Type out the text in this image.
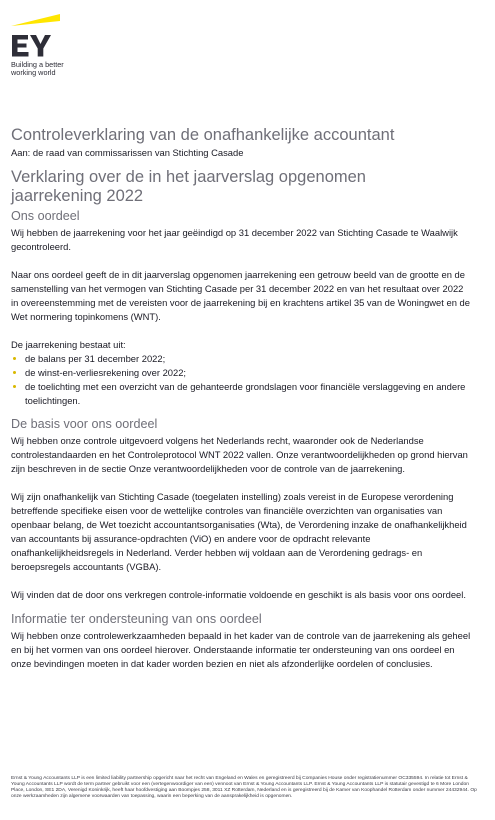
Building a better
working world
Controleverklaring van de onafhankelijke accountant
Aan: de raad van commissarissen van Stichting Casade
Verklaring over de in het jaarverslag opgenomen jaarrekening 2022
Ons oordeel

Wij hebben de jaarrekening voor het jaar geëindigd op 31 december 2022 van Stichting Casade te Waalwijk gecontroleerd.

Naar ons oordeel geeft de in dit jaarverslag opgenomen jaarrekening een getrouw beeld van de grootte en de samenstelling van het vermogen van Stichting Casade per 31 december 2022 en van het resultaat over 2022 in overeenstemming met de vereisten voor de jaarrekening bij en krachtens artikel 35 van de Woningwet en de Wet normering topinkomens (WNT).

De jaarrekening bestaat uit:

de balans per 31 december 2022;
de winst-en-verliesrekening over 2022;
de toelichting met een overzicht van de gehanteerde grondslagen voor financiële verslaggeving en andere toelichtingen.
De basis voor ons oordeel

Wij hebben onze controle uitgevoerd volgens het Nederlands recht, waaronder ook de Nederlandse controlestandaarden en het Controleprotocol WNT 2022 vallen. Onze verantwoordelijkheden op grond hiervan zijn beschreven in de sectie Onze verantwoordelijkheden voor de controle van de jaarrekening.

Wij zijn onafhankelijk van Stichting Casade (toegelaten instelling) zoals vereist in de Europese verordening betreffende specifieke eisen voor de wettelijke controles van financiële overzichten van organisaties van openbaar belang, de Wet toezicht accountantsorganisaties (Wta), de Verordening inzake de onafhankelijkheid van accountants bij assurance-opdrachten (ViO) en andere voor de opdracht relevante onafhankelijkheidsregels in Nederland. Verder hebben wij voldaan aan de Verordening gedrags- en beroepsregels accountants (VGBA).

Wij vinden dat de door ons verkregen controle-informatie voldoende en geschikt is als basis voor ons oordeel.

Informatie ter ondersteuning van ons oordeel

Wij hebben onze controlewerkzaamheden bepaald in het kader van de controle van de jaarrekening als geheel en bij het vormen van ons oordeel hierover. Onderstaande informatie ter ondersteuning van ons oordeel en onze bevindingen moeten in dat kader worden bezien en niet als afzonderlijke oordelen of conclusies.

Ernst & Young Accountants LLP is een limited liability partnership opgericht naar het recht van Engeland en Wales en geregistreerd bij Companies House onder registratienummer OC335594. In relatie tot Ernst & Young Accountants LLP wordt de term partner gebruikt voor een (vertegenwoordiger van een) vennoot van Ernst & Young Accountants LLP. Ernst & Young Accountants LLP is statutair gevestigd te 6 More London Place, London, SE1 2DA, Verenigd Koninkrijk, heeft haar hoofdvestiging aan Boompjes 258, 3011 XZ Rotterdam, Nederland en is geregistreerd bij de Kamer van Koophandel Rotterdam onder nummer 24432944. Op onze werkzaamheden zijn algemene voorwaarden van toepassing, waarin een beperking van de aansprakelijkheid is opgenomen.
